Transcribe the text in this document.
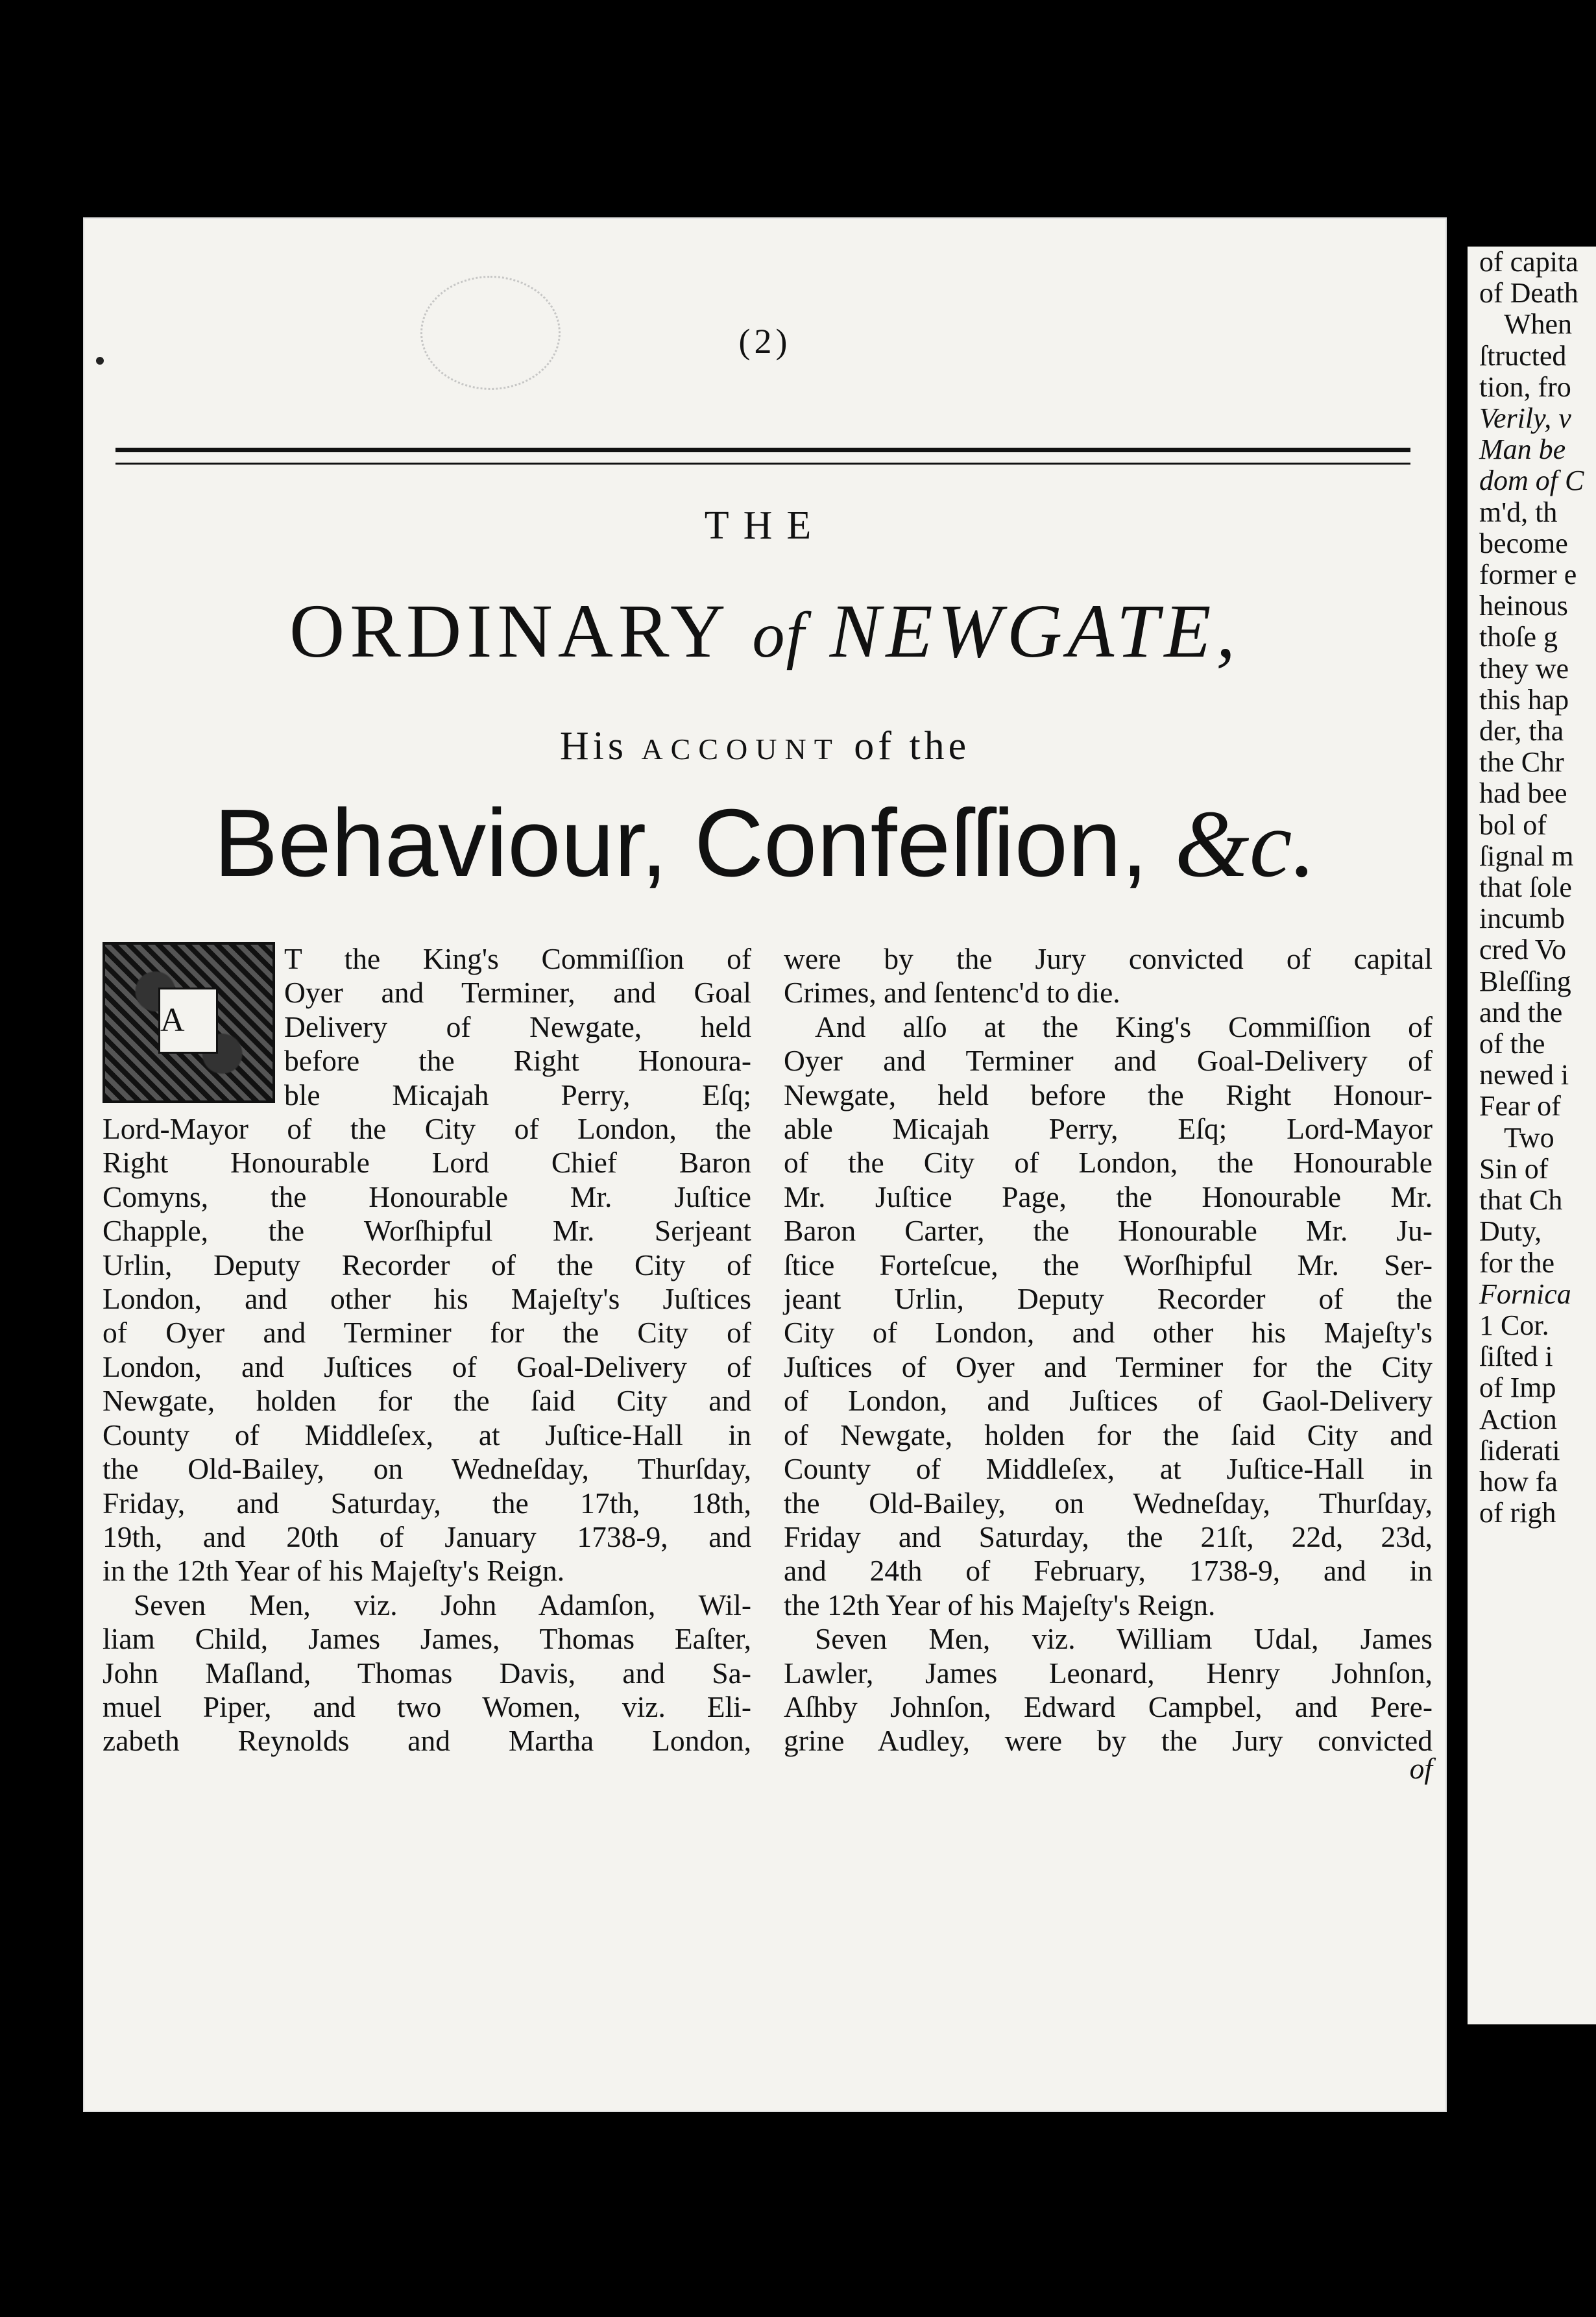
(2)
THE
ORDINARY of NEWGATE,
His ACCOUNT of the
Behaviour, Confeſſion, &c.
A

T the King's Commiſſion of

Oyer and Terminer, and Goal

Delivery of Newgate, held

before the Right Honoura-

ble Micajah Perry, Eſq;

Lord-Mayor of the City of London, the

Right Honourable Lord Chief Baron

Comyns, the Honourable Mr. Juſtice

Chapple, the Worſhipful Mr. Serjeant

Urlin, Deputy Recorder of the City of

London, and other his Majeſty's Juſtices

of Oyer and Terminer for the City of

London, and Juſtices of Goal-Delivery of

Newgate, holden for the ſaid City and

County of Middleſex, at Juſtice-Hall in

the Old-Bailey, on Wedneſday, Thurſday,

Friday, and Saturday, the 17th, 18th,

19th, and 20th of January 1738-9, and

in the 12th Year of his Majeſty's Reign.

Seven Men, viz. John Adamſon, Wil-

liam Child, James James, Thomas Eaſter,

John Maſland, Thomas Davis, and Sa-

muel Piper, and two Women, viz. Eli-

zabeth Reynolds and Martha London,

were by the Jury convicted of capital

Crimes, and ſentenc'd to die.

And alſo at the King's Commiſſion of

Oyer and Terminer and Goal-Delivery of

Newgate, held before the Right Honour-

able Micajah Perry, Eſq; Lord-Mayor

of the City of London, the Honourable

Mr. Juſtice Page, the Honourable Mr.

Baron Carter, the Honourable Mr. Ju-

ſtice Forteſcue, the Worſhipful Mr. Ser-

jeant Urlin, Deputy Recorder of the

City of London, and other his Majeſty's

Juſtices of Oyer and Terminer for the City

of London, and Juſtices of Gaol-Delivery

of Newgate, holden for the ſaid City and

County of Middleſex, at Juſtice-Hall in

the Old-Bailey, on Wedneſday, Thurſday,

Friday and Saturday, the 21ſt, 22d, 23d,

and 24th of February, 1738-9, and in

the 12th Year of his Majeſty's Reign.

Seven Men, viz. William Udal, James

Lawler, James Leonard, Henry Johnſon,

Aſhby Johnſon, Edward Campbel, and Pere-

grine Audley, were by the Jury convicted

of

of capita
of Death
When
ſtructed
tion, fro
Verily, v
Man be
dom of C
m'd, th
become
former e
heinous
thoſe g
they we
this hap
der, tha
the Chr
had bee
bol of
ſignal m
that ſole
incumb
cred Vo
Bleſſing
and the
of the
newed i
Fear of
Two
Sin of
that Ch
Duty,
for the
Fornica
1 Cor.
ſiſted i
of Imp
Action
ſiderati
how fa
of righ
